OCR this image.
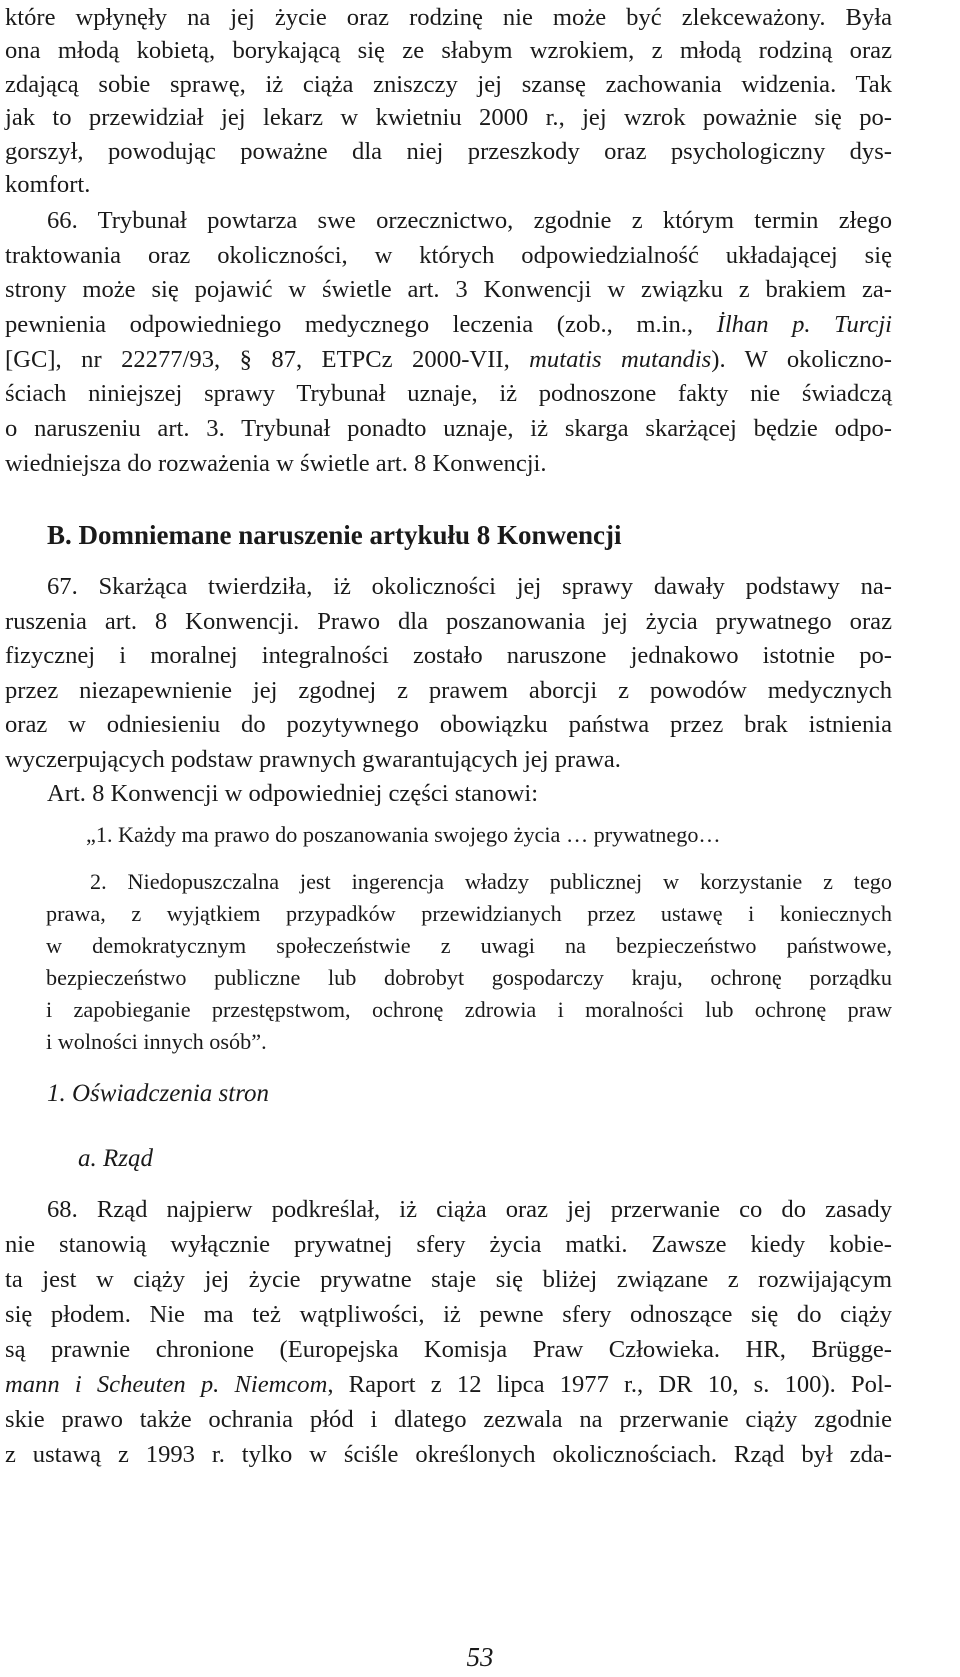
które wpłynęły na jej życie oraz rodzinę nie może być zlekceważony. Była
ona młodą kobietą, borykającą się ze słabym wzrokiem, z młodą rodziną oraz
zdającą sobie sprawę, iż ciąża zniszczy jej szansę zachowania widzenia. Tak
jak to przewidział jej lekarz w kwietniu 2000 r., jej wzrok poważnie się po-
gorszył, powodując poważne dla niej przeszkody oraz psychologiczny dys-
komfort.
66. Trybunał powtarza swe orzecznictwo, zgodnie z którym termin złego
traktowania oraz okoliczności, w których odpowiedzialność układającej się
strony może się pojawić w świetle art. 3 Konwencji w związku z brakiem za-
pewnienia odpowiedniego medycznego leczenia (zob., m.in., İlhan p. Turcji
[GC], nr 22277/93, § 87, ETPCz 2000-VII, mutatis mutandis). W okoliczno-
ściach niniejszej sprawy Trybunał uznaje, iż podnoszone fakty nie świadczą
o naruszeniu art. 3. Trybunał ponadto uznaje, iż skarga skarżącej będzie odpo-
wiedniejsza do rozważenia w świetle art. 8 Konwencji.
B. Domniemane naruszenie artykułu 8 Konwencji
67. Skarżąca twierdziła, iż okoliczności jej sprawy dawały podstawy na-
ruszenia art. 8 Konwencji. Prawo dla poszanowania jej życia prywatnego oraz
fizycznej i moralnej integralności zostało naruszone jednakowo istotnie po-
przez niezapewnienie jej zgodnej z prawem aborcji z powodów medycznych
oraz w odniesieniu do pozytywnego obowiązku państwa przez brak istnienia
wyczerpujących podstaw prawnych gwarantujących jej prawa.
Art. 8 Konwencji w odpowiedniej części stanowi:
„1. Każdy ma prawo do poszanowania swojego życia … prywatnego…
2. Niedopuszczalna jest ingerencja władzy publicznej w korzystanie z tego
prawa, z wyjątkiem przypadków przewidzianych przez ustawę i koniecznych
w demokratycznym społeczeństwie z uwagi na bezpieczeństwo państwowe,
bezpieczeństwo publiczne lub dobrobyt gospodarczy kraju, ochronę porządku
i zapobieganie przestępstwom, ochronę zdrowia i moralności lub ochronę praw
i wolności innych osób”.
1. Oświadczenia stron
a. Rząd
68. Rząd najpierw podkreślał, iż ciąża oraz jej przerwanie co do zasady
nie stanowią wyłącznie prywatnej sfery życia matki. Zawsze kiedy kobie-
ta jest w ciąży jej życie prywatne staje się bliżej związane z rozwijającym
się płodem. Nie ma też wątpliwości, iż pewne sfery odnoszące się do ciąży
są prawnie chronione (Europejska Komisja Praw Człowieka. HR, Brügge-
mann i Scheuten p. Niemcom, Raport z 12 lipca 1977 r., DR 10, s. 100). Pol-
skie prawo także ochrania płód i dlatego zezwala na przerwanie ciąży zgodnie
z ustawą z 1993 r. tylko w ściśle określonych okolicznościach. Rząd był zda-
53
